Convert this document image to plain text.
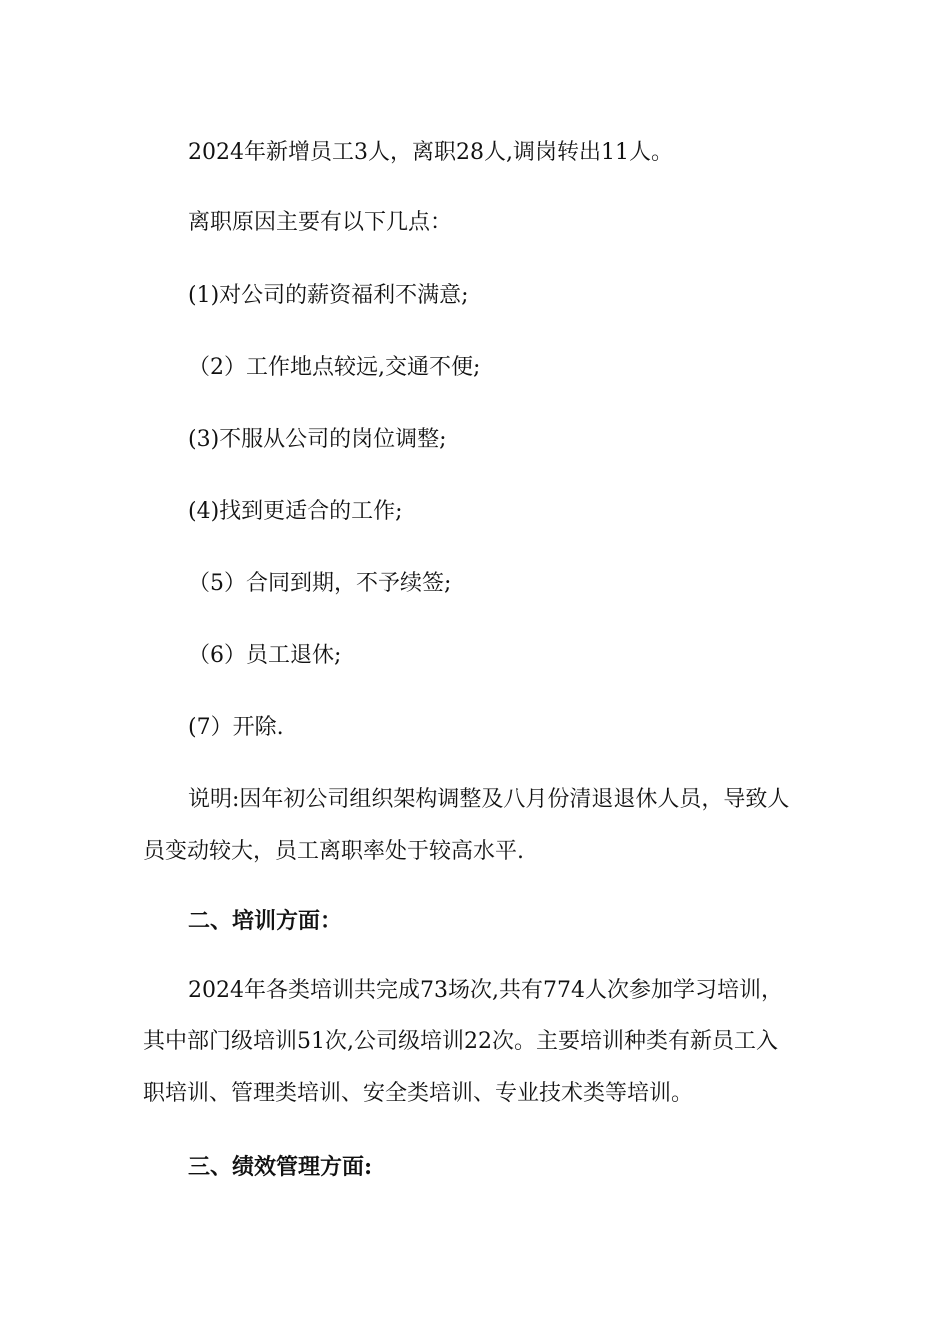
2024年新增员工3人，离职28人,调岗转出11人。
离职原因主要有以下几点：
(1)对公司的薪资福利不满意;
（2）工作地点较远,交通不便;
(3)不服从公司的岗位调整;
(4)找到更适合的工作;
（5）合同到期，不予续签;
（6）员工退休;
(7）开除.
说明:因年初公司组织架构调整及八月份清退退休人员，导致人
员变动较大，员工离职率处于较高水平.
二、培训方面：
2024年各类培训共完成73场次,共有774人次参加学习培训，
其中部门级培训51次,公司级培训22次。主要培训种类有新员工入
职培训、管理类培训、安全类培训、专业技术类等培训。
三、绩效管理方面:
